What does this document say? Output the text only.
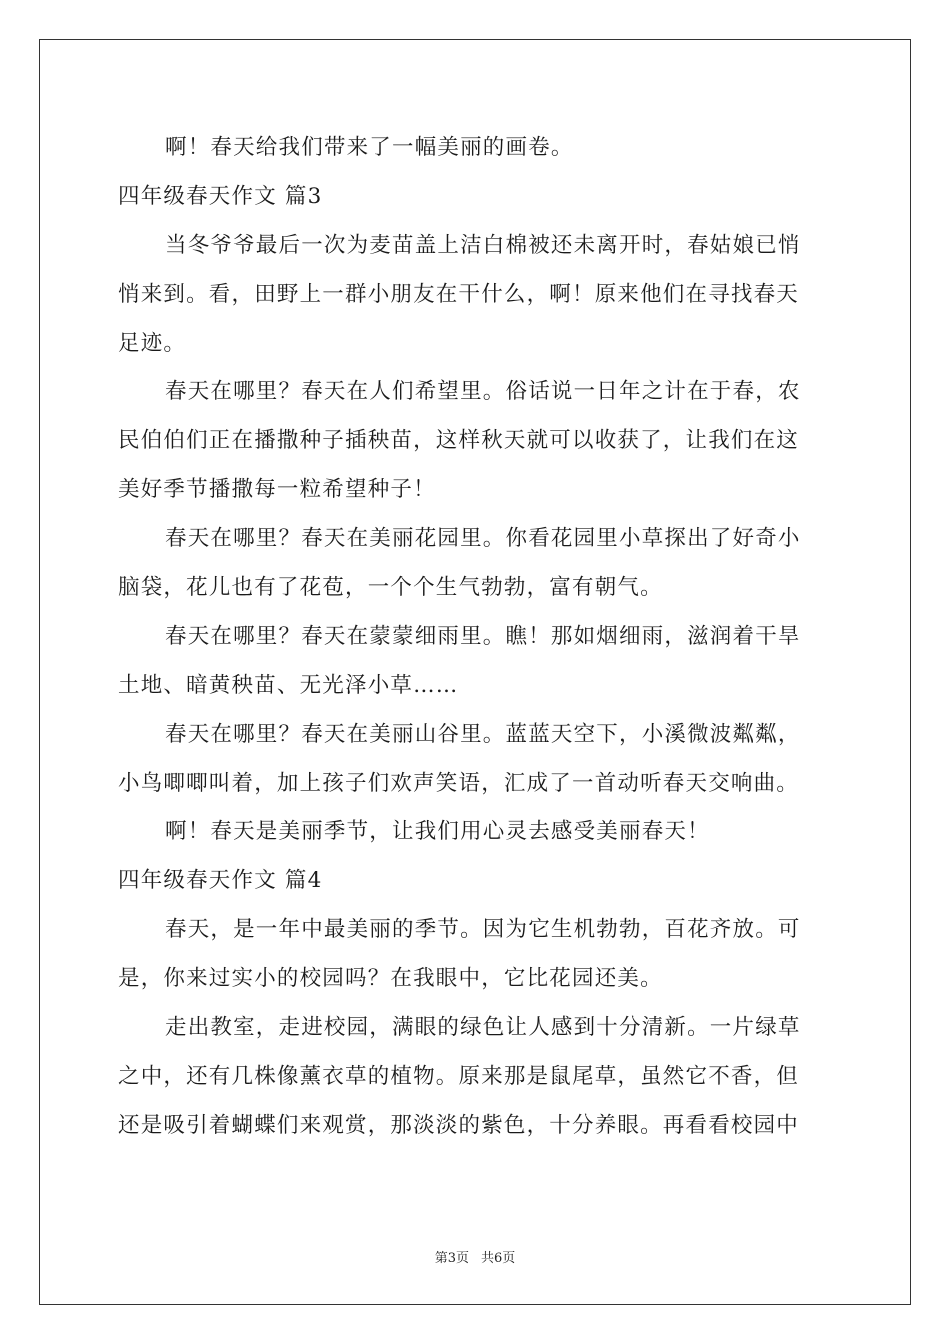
啊！春天给我们带来了一幅美丽的画卷。
四年级春天作文 篇3
当冬爷爷最后一次为麦苗盖上洁白棉被还未离开时，春姑娘已悄
悄来到。看，田野上一群小朋友在干什么，啊！原来他们在寻找春天
足迹。
春天在哪里？春天在人们希望里。俗话说一日年之计在于春，农
民伯伯们正在播撒种子插秧苗，这样秋天就可以收获了，让我们在这
美好季节播撒每一粒希望种子！
春天在哪里？春天在美丽花园里。你看花园里小草探出了好奇小
脑袋，花儿也有了花苞，一个个生气勃勃，富有朝气。
春天在哪里？春天在蒙蒙细雨里。瞧！那如烟细雨，滋润着干旱
土地、暗黄秧苗、无光泽小草……
春天在哪里？春天在美丽山谷里。蓝蓝天空下，小溪微波粼粼，
小鸟唧唧叫着，加上孩子们欢声笑语，汇成了一首动听春天交响曲。
啊！春天是美丽季节，让我们用心灵去感受美丽春天！
四年级春天作文 篇4
春天，是一年中最美丽的季节。因为它生机勃勃，百花齐放。可
是，你来过实小的校园吗？在我眼中，它比花园还美。
走出教室，走进校园，满眼的绿色让人感到十分清新。一片绿草
之中，还有几株像薰衣草的植物。原来那是鼠尾草，虽然它不香，但
还是吸引着蝴蝶们来观赏，那淡淡的紫色，十分养眼。再看看校园中
第3页 共6页
